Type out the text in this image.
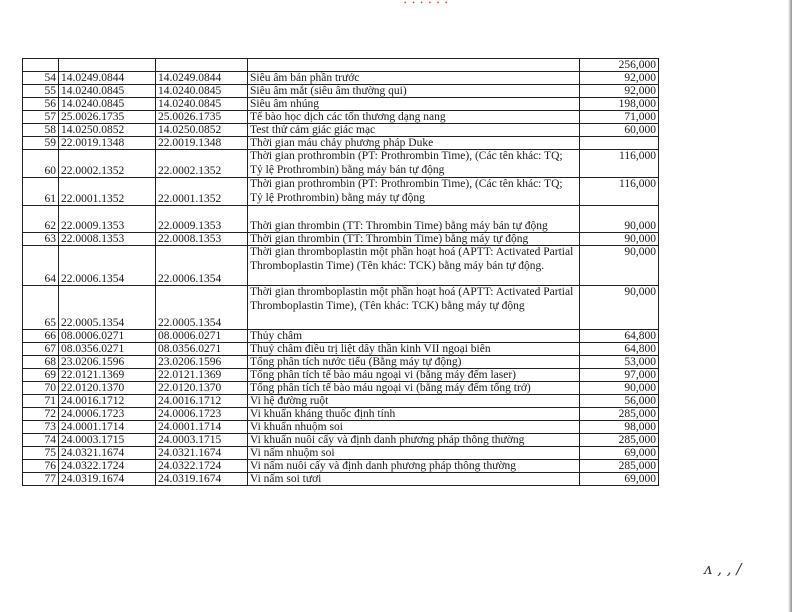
• • • • • •
				256,000
54	14.0249.0844	14.0249.0844	Siêu âm bán phần trước	92,000
55	14.0240.0845	14.0240.0845	Siêu âm mắt (siêu âm thường qui)	92,000
56	14.0240.0845	14.0240.0845	Siêu âm nhúng	198,000
57	25.0026.1735	25.0026.1735	Tế bào học dịch các tổn thương dạng nang	71,000
58	14.0250.0852	14.0250.0852	Test thử cảm giác giác mạc	60,000
59	22.0019.1348	22.0019.1348	Thời gian máu chảy phương pháp Duke	
60	22.0002.1352	22.0002.1352	Thời gian prothrombin (PT: Prothrombin Time), (Các tên khác: TQ; Tỷ lệ Prothrombin) bằng máy bán tự động	116,000
61	22.0001.1352	22.0001.1352	Thời gian prothrombin (PT: Prothrombin Time), (Các tên khác: TQ; Tỷ lệ Prothrombin) bằng máy tự động	116,000
62	22.0009.1353	22.0009.1353	Thời gian thrombin (TT: Thrombin Time) bằng máy bán tự động	90,000
63	22.0008.1353	22.0008.1353	Thời gian thrombin (TT: Thrombin Time) bằng máy tự động	90,000
64	22.0006.1354	22.0006.1354	Thời gian thromboplastin một phần hoạt hoá (APTT: Activated Partial Thromboplastin Time) (Tên khác: TCK) bằng máy bán tự động.	90,000
65	22.0005.1354	22.0005.1354	Thời gian thromboplastin một phần hoạt hoá (APTT: Activated Partial Thromboplastin Time), (Tên khác: TCK) bằng máy tự động	90,000
66	08.0006.0271	08.0006.0271	Thủy châm	64,800
67	08.0356.0271	08.0356.0271	Thuỷ châm điều trị liệt dây thần kinh VII ngoại biên	64,800
68	23.0206.1596	23.0206.1596	Tổng phân tích nước tiểu (Bằng máy tự động)	53,000
69	22.0121.1369	22.0121.1369	Tổng phân tích tế bào máu ngoại vi (bằng máy đếm laser)	97,000
70	22.0120.1370	22.0120.1370	Tổng phân tích tế bào máu ngoại vi (bằng máy đếm tổng trở)	90,000
71	24.0016.1712	24.0016.1712	Vi hệ đường ruột	56,000
72	24.0006.1723	24.0006.1723	Vi khuẩn kháng thuốc định tính	285,000
73	24.0001.1714	24.0001.1714	Vi khuẩn nhuộm soi	98,000
74	24.0003.1715	24.0003.1715	Vi khuẩn nuôi cấy và định danh phương pháp thông thường	285,000
75	24.0321.1674	24.0321.1674	Vi nấm nhuộm soi	69,000
76	24.0322.1724	24.0322.1724	Vi nấm nuôi cấy và định danh phương pháp thông thường	285,000
77	24.0319.1674	24.0319.1674	Vi nấm soi tươi	69,000
ᴧ , , /
